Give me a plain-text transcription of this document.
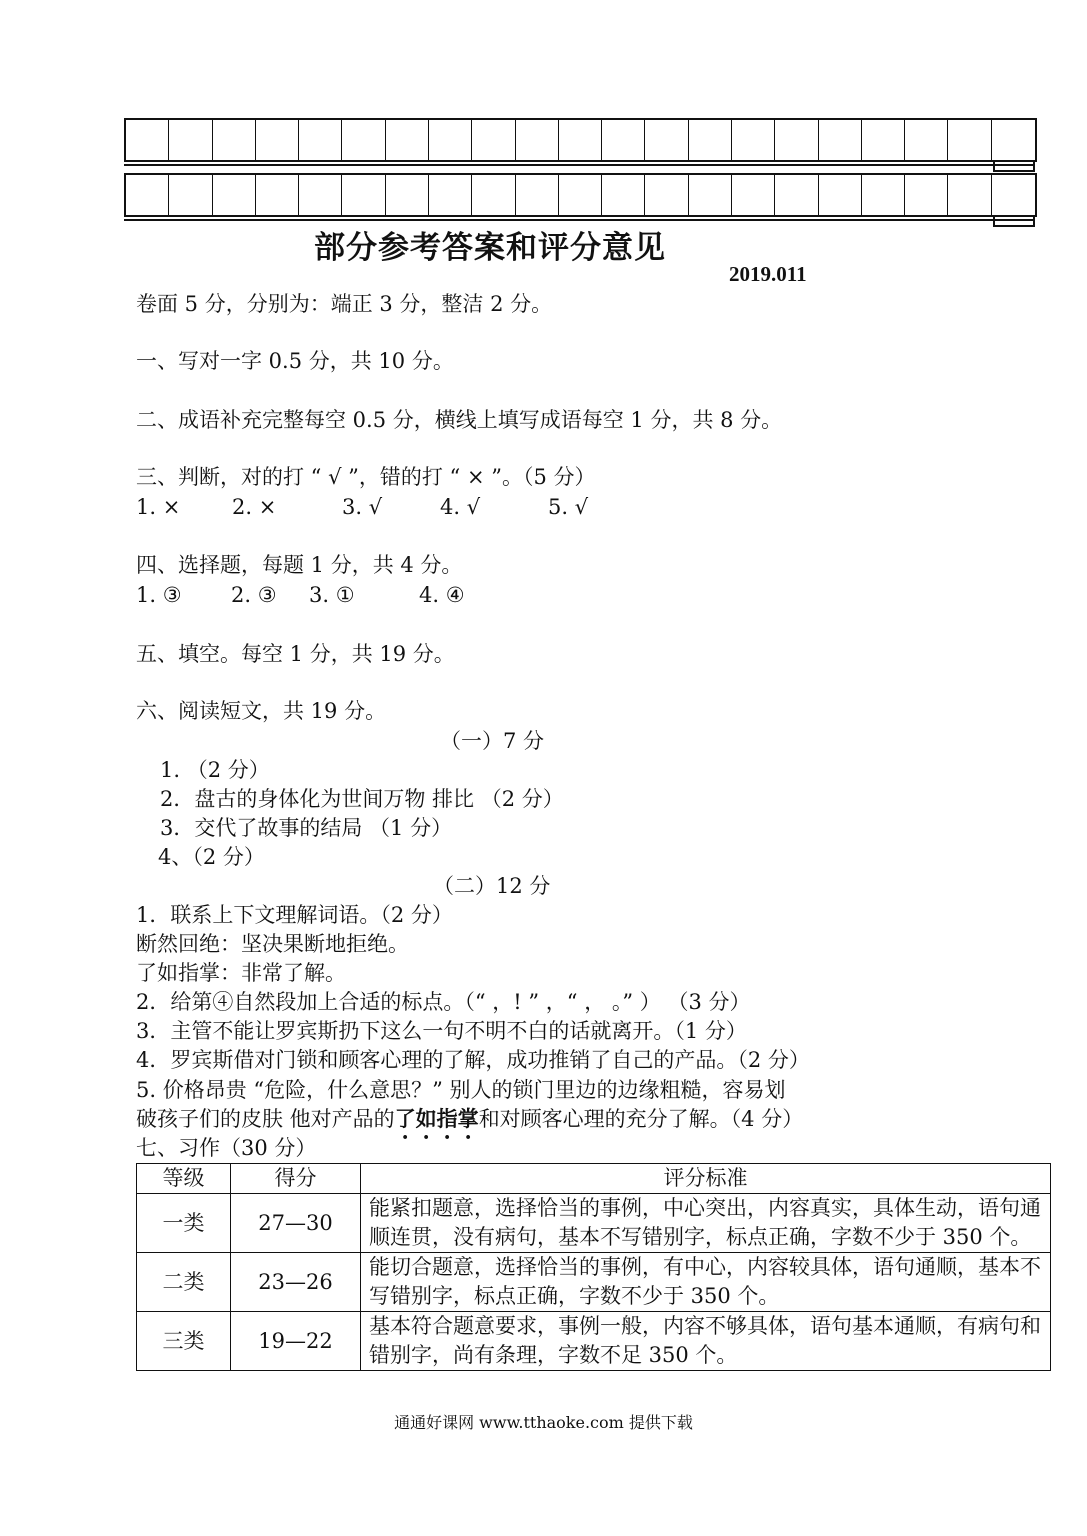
部分参考答案和评分意见
2019.011
卷面 5 分，分别为：端正 3 分，整洁 2 分。
一、写对一字 0.5 分，共 10 分。
二、成语补充完整每空 0.5 分，横线上填写成语每空 1 分，共 8 分。
三、判断，对的打 “ √ ”，错的打 “ × ”。（5 分）
1. × 2. ×	3. √	4. √	5. √
四、选择题，每题 1 分，共 4 分。
1. ③ 2. ③ 3. ①	4. ④
五、填空。每空 1 分，共 19 分。
六、阅读短文，共 19 分。
（一）7 分
1. （2 分）
2．盘古的身体化为世间万物 排比 （2 分）
3．交代了故事的结局 （1 分）
4、（2 分）
（二）12 分
1．联系上下文理解词语。（2 分）
断然回绝：坚决果断地拒绝。
了如指掌：非常了解。
2．给第④自然段加上合适的标点。（“ ，! ” ，“ ， 。” ） （3 分）
3．主管不能让罗宾斯扔下这么一句不明不白的话就离开。（1 分）
4．罗宾斯借对门锁和顾客心理的了解，成功推销了自己的产品。（2 分）
5. 价格昂贵 “危险，什么意思？” 别人的锁门里边的边缘粗糙，容易划
破孩子们的皮肤 他对产品的了如指掌和对顾客心理的充分了解。（4 分）
七、习作（30 分）
等级	得分	评分标准
一类	27—30	能紧扣题意，选择恰当的事例，中心突出，内容真实，具体生动，语句通顺连贯，没有病句，基本不写错别字，标点正确，字数不少于 350 个。
二类	23—26	能切合题意，选择恰当的事例，有中心，内容较具体，语句通顺，基本不写错别字，标点正确，字数不少于 350 个。
三类	19—22	基本符合题意要求，事例一般，内容不够具体，语句基本通顺，有病句和错别字，尚有条理，字数不足 350 个。
通通好课网 www.tthaoke.com 提供下载
